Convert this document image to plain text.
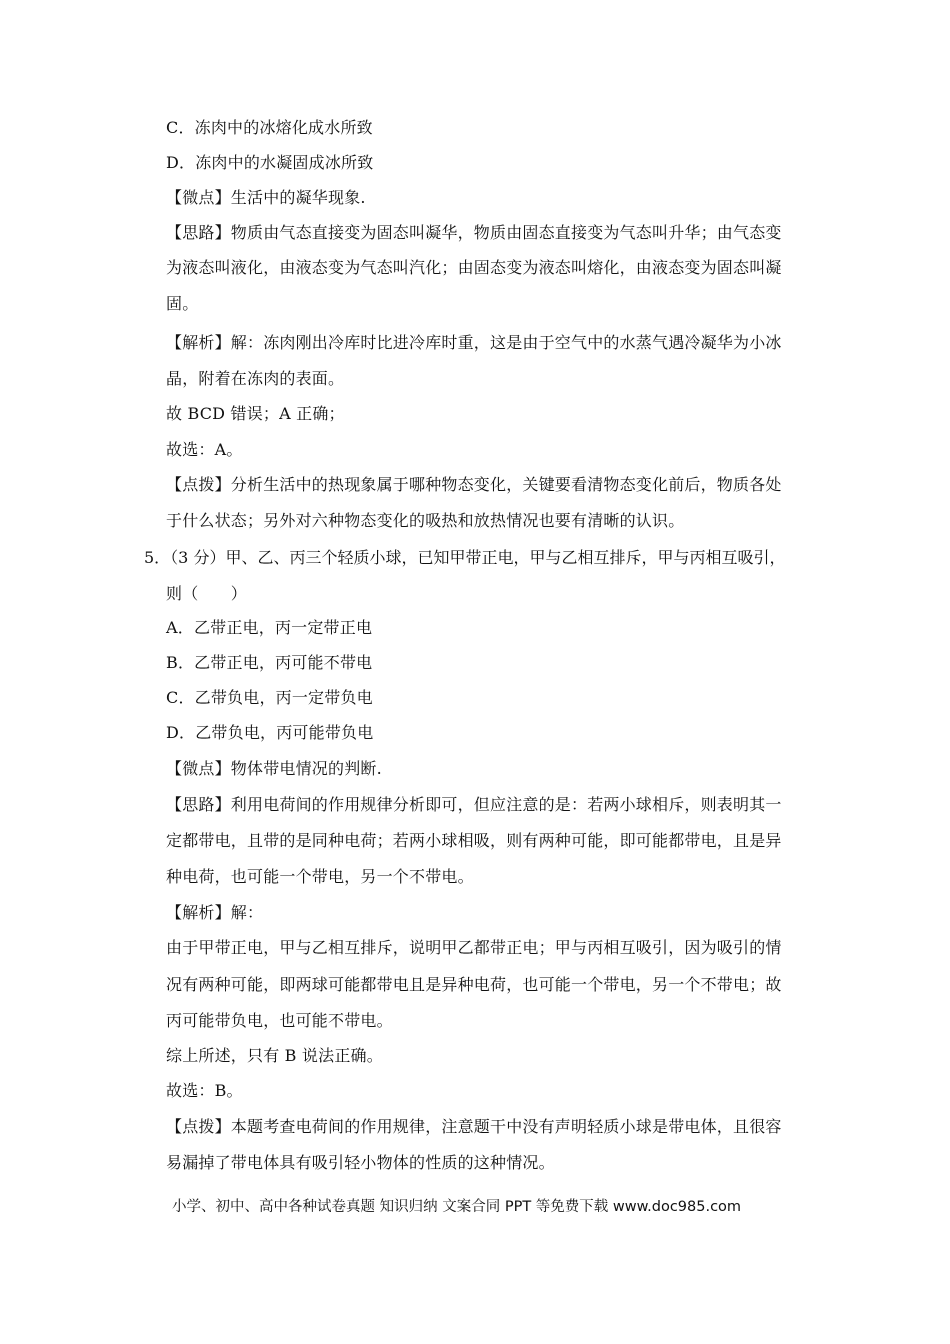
C．冻肉中的冰熔化成水所致
D．冻肉中的水凝固成冰所致
【微点】生活中的凝华现象.
【思路】物质由气态直接变为固态叫凝华，物质由固态直接变为气态叫升华；由气态变
为液态叫液化，由液态变为气态叫汽化；由固态变为液态叫熔化，由液态变为固态叫凝
固。
【解析】解：冻肉刚出冷库时比进冷库时重，这是由于空气中的水蒸气遇冷凝华为小冰
晶，附着在冻肉的表面。
故 BCD 错误；A 正确；
故选：A。
【点拨】分析生活中的热现象属于哪种物态变化，关键要看清物态变化前后，物质各处
于什么状态；另外对六种物态变化的吸热和放热情况也要有清晰的认识。
5．（3 分）甲、乙、丙三个轻质小球，已知甲带正电，甲与乙相互排斥，甲与丙相互吸引，
则（　　）
A．乙带正电，丙一定带正电
B．乙带正电，丙可能不带电
C．乙带负电，丙一定带负电
D．乙带负电，丙可能带负电
【微点】物体带电情况的判断.
【思路】利用电荷间的作用规律分析即可，但应注意的是：若两小球相斥，则表明其一
定都带电，且带的是同种电荷；若两小球相吸，则有两种可能，即可能都带电，且是异
种电荷，也可能一个带电，另一个不带电。
【解析】解：
由于甲带正电，甲与乙相互排斥，说明甲乙都带正电；甲与丙相互吸引，因为吸引的情
况有两种可能，即两球可能都带电且是异种电荷，也可能一个带电，另一个不带电；故
丙可能带负电，也可能不带电。
综上所述，只有 B 说法正确。
故选：B。
【点拨】本题考查电荷间的作用规律，注意题干中没有声明轻质小球是带电体，且很容
易漏掉了带电体具有吸引轻小物体的性质的这种情况。
小学、初中、高中各种试卷真题 知识归纳 文案合同 PPT 等免费下载 www.doc985.com
